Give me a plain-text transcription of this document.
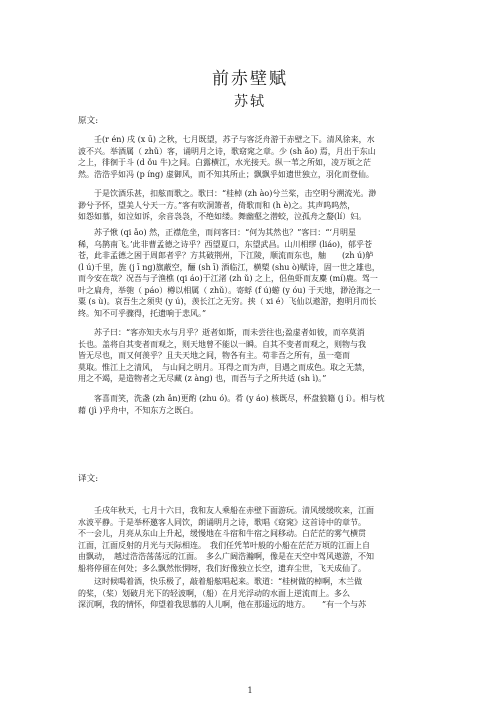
前赤壁赋
苏轼
原文:
　　壬(r én) 戌 (x ū) 之秋，七月既望，苏子与客泛舟游于赤壁之下。清风徐来，水
波不兴。举酒属（ zhǔ）客，诵明月之诗，歌窈窕之章。少 (sh ǎo) 焉，月出于东山
之上，徘徊于斗 (d ǒu 牛)之间。白露横江，水光接天。纵一苇之所如，凌万顷之茫
然。浩浩乎如冯 (p íng) 虚御风，而不知其所止；飘飘乎如遗世独立，羽化而登仙。
　　于是饮酒乐甚，扣舷而歌之。歌曰：“桂棹 (zh ào)兮兰桨，击空明兮溯流光。渺
渺兮予怀，望美人兮天一方。”客有吹洞箫者，倚歌而和 (h è)之。其声呜呜然，
如怨如慕，如泣如诉，余音袅袅，不绝如缕。舞幽壑之潜蛟，泣孤舟之嫠(lí）妇。
　　苏子愀 (qi ǎo) 然，正襟危坐，而问客曰：“何为其然也？”客曰：“‘月明星
稀，乌鹊南飞。’此非曹孟德之诗乎？西望夏口，东望武昌。山川相缪 (liáo)，郁乎苍
苍，此非孟德之困于周郎者乎？方其破荆州，下江陵，顺流而东也，舳　　(zh ú)舻
(l ú)千里，旌 (j ī ng)旗蔽空，酾 (sh ī) 酒临江，横槊 (shu ò)赋诗，固一世之雄也，
而今安在哉？况吾与子渔樵 (qi áo)于江渚 (zh ǔ) 之上，侣鱼虾而友麋 (mí)鹿。驾一
叶之扁舟，举匏（ páo）樽以相属（ zhǔ）。寄蜉 (f ú)蝣 (y óu) 于天地，渺沧海之一
粟 (s ù)。哀吾生之须臾 (y ú)，羡长江之无穷。挟（ xi é）飞仙以遨游，抱明月而长
终。知不可乎骤得，托遗响于悲风。”
　　苏子曰：“客亦知夫水与月乎？逝者如斯，而未尝往也;盈虚者如彼，而卒莫消
长也。盖将自其变者而观之，则天地曾不能以一瞬。自其不变者而观之，则物与我
皆无尽也，而又何羡乎？且夫天地之间，物各有主。苟非吾之所有，虽一毫而
莫取。惟江上之清风，　与山间之明月。耳得之而为声，目遇之而成色。取之无禁，
用之不竭，是造物者之无尽藏 (z àng) 也，而吾与子之所共适 (sh ì)。”
　　客喜而笑，洗盏 (zh ǎn)更酌 (zhu ó)。肴 (y áo) 核既尽，杯盘狼籍 (j í）。相与枕
藉 (jì )乎舟中，不知东方之既白。
译文:
　　壬戌年秋天，七月十六日，我和友人乘船在赤壁下面游玩。清风缓缓吹来，江面
水波平静。于是举杯邀客人同饮，朗诵明月之诗，歌唱《窈窕》这首诗中的章节。
不一会儿，月亮从东山上升起，缓慢地在斗宿和牛宿之间移动。白茫茫的雾气横贯
江面，江面反射的月光与天际相连。　我们任凭苇叶般的小船在茫茫万顷的江面上自
由飘动，　越过浩浩荡荡远的江面。　多么广阔浩瀚啊，像是在天空中驾风遨游，不知
船将停留在何处；多么飘然怅惘呀，我们好像独立长空，遗弃尘世，飞天成仙了。
　　这时候喝着酒，快乐极了，敲着船舷唱起来。歌道：“桂树做的棹啊，木兰做
的桨，（桨）划破月光下的轻波啊，（船）在月光浮动的水面上逆流而上。多么
深沉啊，我的情怀，仰望着我思慕的人儿啊，他在那遥远的地方。　　”有一个与苏
1
